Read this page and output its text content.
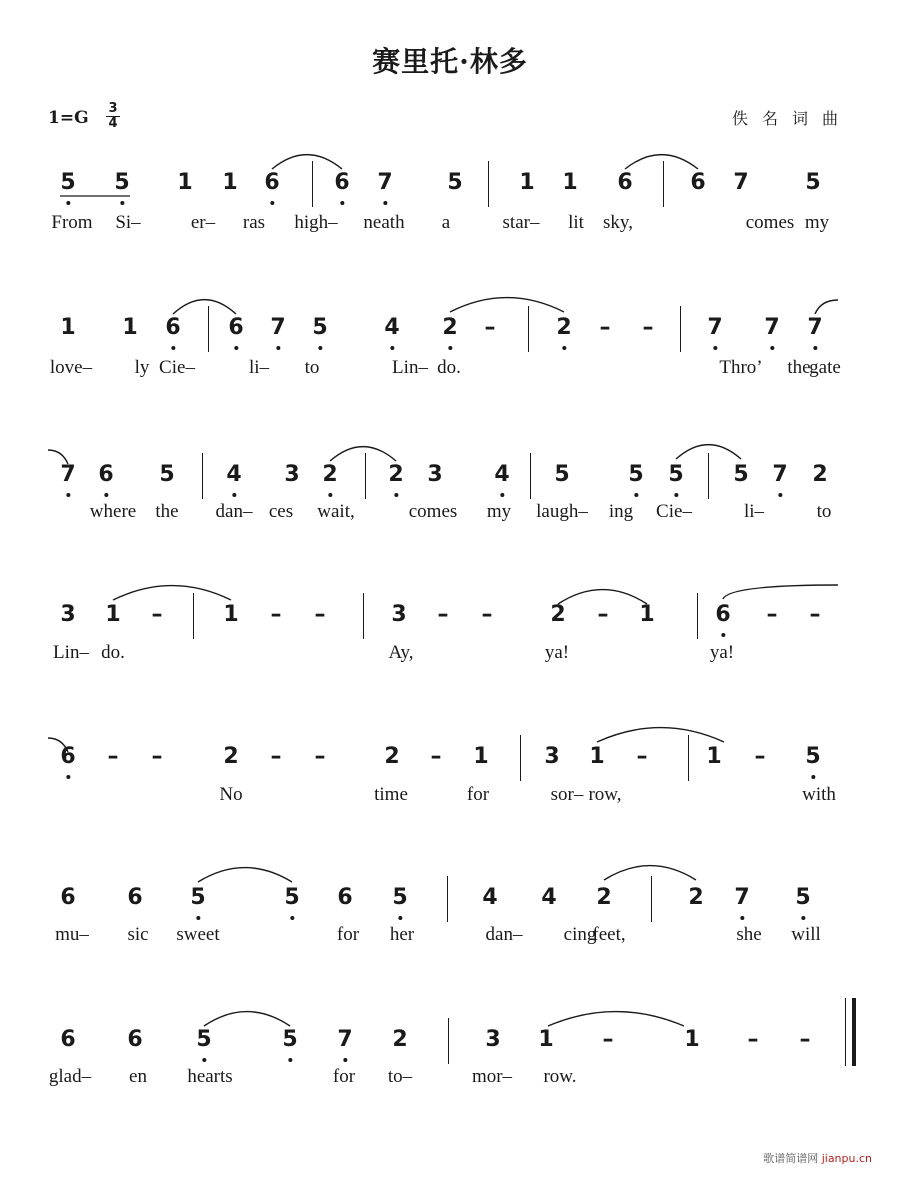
赛里托·林多
1=G 3
4	佚名词曲
5 5 1 1 6 6 7 5	1 1 6	6 7	5
From Si–	er– ras high– neath a	star– lit sky,	comes my
1 1 6 6 7 5	4 2 –	2 – – 7 7 7
love– ly Cie–	li– to	Lin– do.	Thro’ the
gate
7 6 5 4 3 2 2 3 4 5	5 5 5 7 2
where the dan– ces wait,	comes my laugh– ing Cie–	li–	to
3 1 –	1 – –	3 – –	2 – 1	6 – –
Lin– do.	Ay,	ya!	ya!
6 – –	2 – –	2 – 1	3 1 –	1 – 5
No	time	for	sor– row,	with
6 6 5	5 6 5	4 4 2	2 7 5
mu– sic sweet	for her	dan– cing
feet,	she will
6 6 5	5 7 2	3 1 –	1 – –
glad– en hearts	for to–	mor– row.
歌谱简谱网 jianpu.cn
